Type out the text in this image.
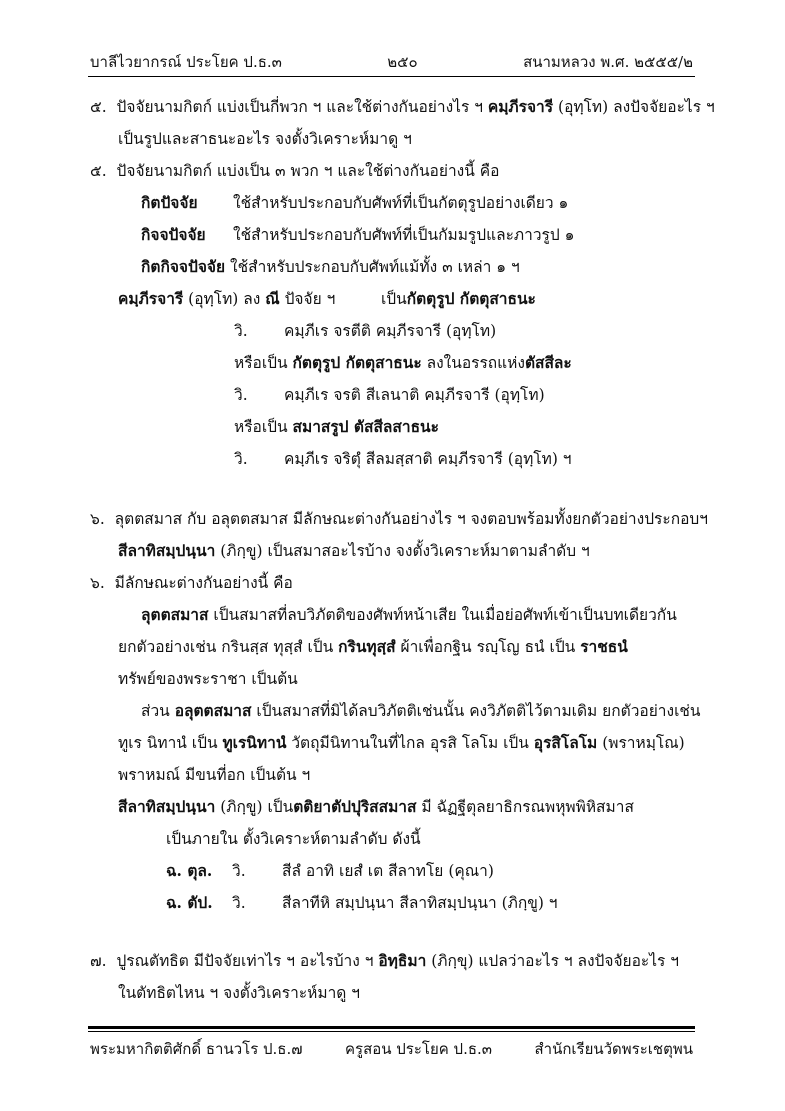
บาลีไวยากรณ์ ประโยค ป.ธ.๓	๒๕๐	สนามหลวง พ.ศ. ๒๕๕๕/๒
๕. ปัจจัยนามกิตก์ แบ่งเป็นกี่พวก ฯ และใช้ต่างกันอย่างไร ฯ คมฺภีรจารี (อุทฺโท) ลงปัจจัยอะไร ฯ
เป็นรูปและสาธนะอะไร จงตั้งวิเคราะห์มาดู ฯ
๕. ปัจจัยนามกิตก์ แบ่งเป็น ๓ พวก ฯ และใช้ต่างกันอย่างนี้ คือ
กิตปัจจัย ใช้สำหรับประกอบกับศัพท์ที่เป็นกัตตุรูปอย่างเดียว ๑
กิจจปัจจัย ใช้สำหรับประกอบกับศัพท์ที่เป็นกัมมรูปและภาวรูป ๑
กิตกิจจปัจจัย ใช้สำหรับประกอบกับศัพท์แม้ทั้ง ๓ เหล่า ๑ ฯ
คมฺภีรจารี (อุทฺโท) ลง ณี ปัจจัย ฯ	เป็นกัตตุรูป กัตตุสาธนะ
วิ. คมฺภีเร จรตีติ คมฺภีรจารี (อุทฺโท)
หรือเป็น กัตตุรูป กัตตุสาธนะ ลงในอรรถแห่งตัสสีละ
วิ. คมฺภีเร จรติ สีเลนาติ คมฺภีรจารี (อุทฺโท)
หรือเป็น สมาสรูป ตัสสีลสาธนะ
วิ. คมฺภีเร จริตุํ สีลมสฺสาติ คมฺภีรจารี (อุทฺโท) ฯ
๖. ลุตตสมาส กับ อลุตตสมาส มีลักษณะต่างกันอย่างไร ฯ จงตอบพร้อมทั้งยกตัวอย่างประกอบฯ
สีลาทิสมฺปนฺนา (ภิกฺขู) เป็นสมาสอะไรบ้าง จงตั้งวิเคราะห์มาตามลำดับ ฯ
๖. มีลักษณะต่างกันอย่างนี้ คือ
ลุตตสมาส เป็นสมาสที่ลบวิภัตติของศัพท์หน้าเสีย ในเมื่อย่อศัพท์เข้าเป็นบทเดียวกัน
ยกตัวอย่างเช่น กรินสฺส ทุสฺสํ เป็น กรินทุสฺสํ ผ้าเพื่อกฐิน รญฺโญ ธนํ เป็น ราชธนํ
ทรัพย์ของพระราชา เป็นต้น
ส่วน อลุตตสมาส เป็นสมาสที่มิได้ลบวิภัตติเช่นนั้น คงวิภัตติไว้ตามเดิม ยกตัวอย่างเช่น
ทูเร นิทานํ เป็น ทูเรนิทานํ วัตถุมีนิทานในที่ไกล อุรสิ โลโม เป็น อุรสิโลโม (พราหมฺโณ)
พราหมณ์ มีขนที่อก เป็นต้น ฯ
สีลาทิสมฺปนฺนา (ภิกฺขู) เป็นตติยาตัปปุริสสมาส มี ฉัฏฐีตุลยาธิกรณพหุพพิหิสมาส
เป็นภายใน ตั้งวิเคราะห์ตามลำดับ ดังนี้
ฉ. ตุล. วิ. สีลํ อาทิ เยสํ เต สีลาทโย (คุณา)
ฉ. ตัป. วิ. สีลาทีหิ สมฺปนฺนา สีลาทิสมฺปนฺนา (ภิกฺขู) ฯ
๗. ปูรณตัทธิต มีปัจจัยเท่าไร ฯ อะไรบ้าง ฯ อิทฺธิมา (ภิกฺขุ) แปลว่าอะไร ฯ ลงปัจจัยอะไร ฯ
ในตัทธิตไหน ฯ จงตั้งวิเคราะห์มาดู ฯ
พระมหากิตติศักดิ์ ธานวโร ป.ธ.๗	ครูสอน ประโยค ป.ธ.๓	สำนักเรียนวัดพระเชตุพน
